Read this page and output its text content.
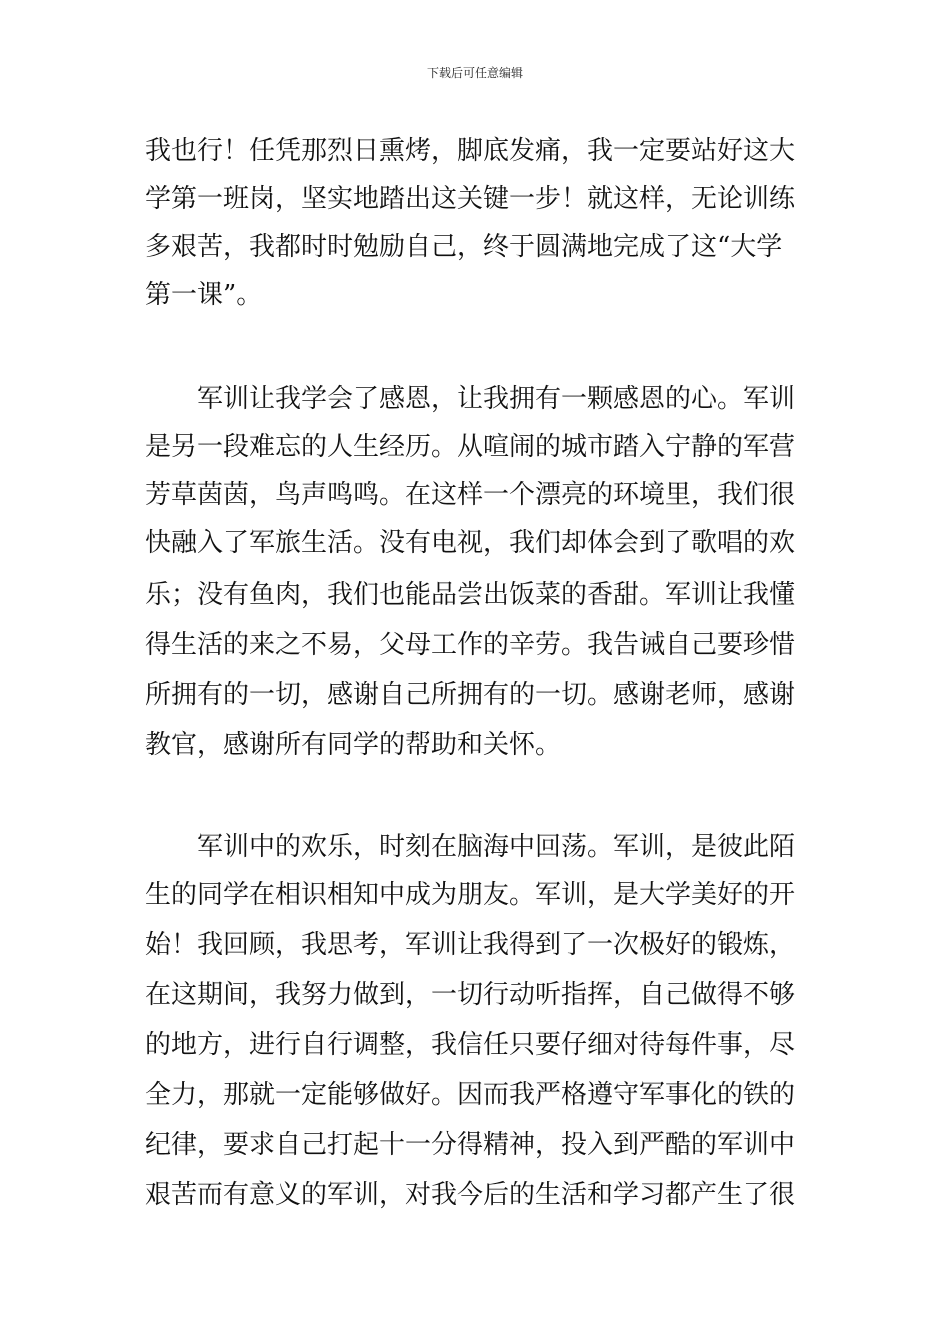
下载后可任意编辑
我也行！任凭那烈日熏烤，脚底发痛，我一定要站好这大
学第一班岗，坚实地踏出这关键一步！就这样，无论训练
多艰苦，我都时时勉励自己，终于圆满地完成了这“大学
第一课”。
军训让我学会了感恩，让我拥有一颗感恩的心。军训
是另一段难忘的人生经历。从喧闹的城市踏入宁静的军营
芳草茵茵，鸟声鸣鸣。在这样一个漂亮的环境里，我们很
快融入了军旅生活。没有电视，我们却体会到了歌唱的欢
乐；没有鱼肉，我们也能品尝出饭菜的香甜。军训让我懂
得生活的来之不易，父母工作的辛劳。我告诫自己要珍惜
所拥有的一切，感谢自己所拥有的一切。感谢老师，感谢
教官，感谢所有同学的帮助和关怀。
军训中的欢乐，时刻在脑海中回荡。军训，是彼此陌
生的同学在相识相知中成为朋友。军训，是大学美好的开
始！我回顾，我思考，军训让我得到了一次极好的锻炼，
在这期间，我努力做到，一切行动听指挥，自己做得不够
的地方，进行自行调整，我信任只要仔细对待每件事，尽
全力，那就一定能够做好。因而我严格遵守军事化的铁的
纪律，要求自己打起十一分得精神，投入到严酷的军训中
艰苦而有意义的军训，对我今后的生活和学习都产生了很
